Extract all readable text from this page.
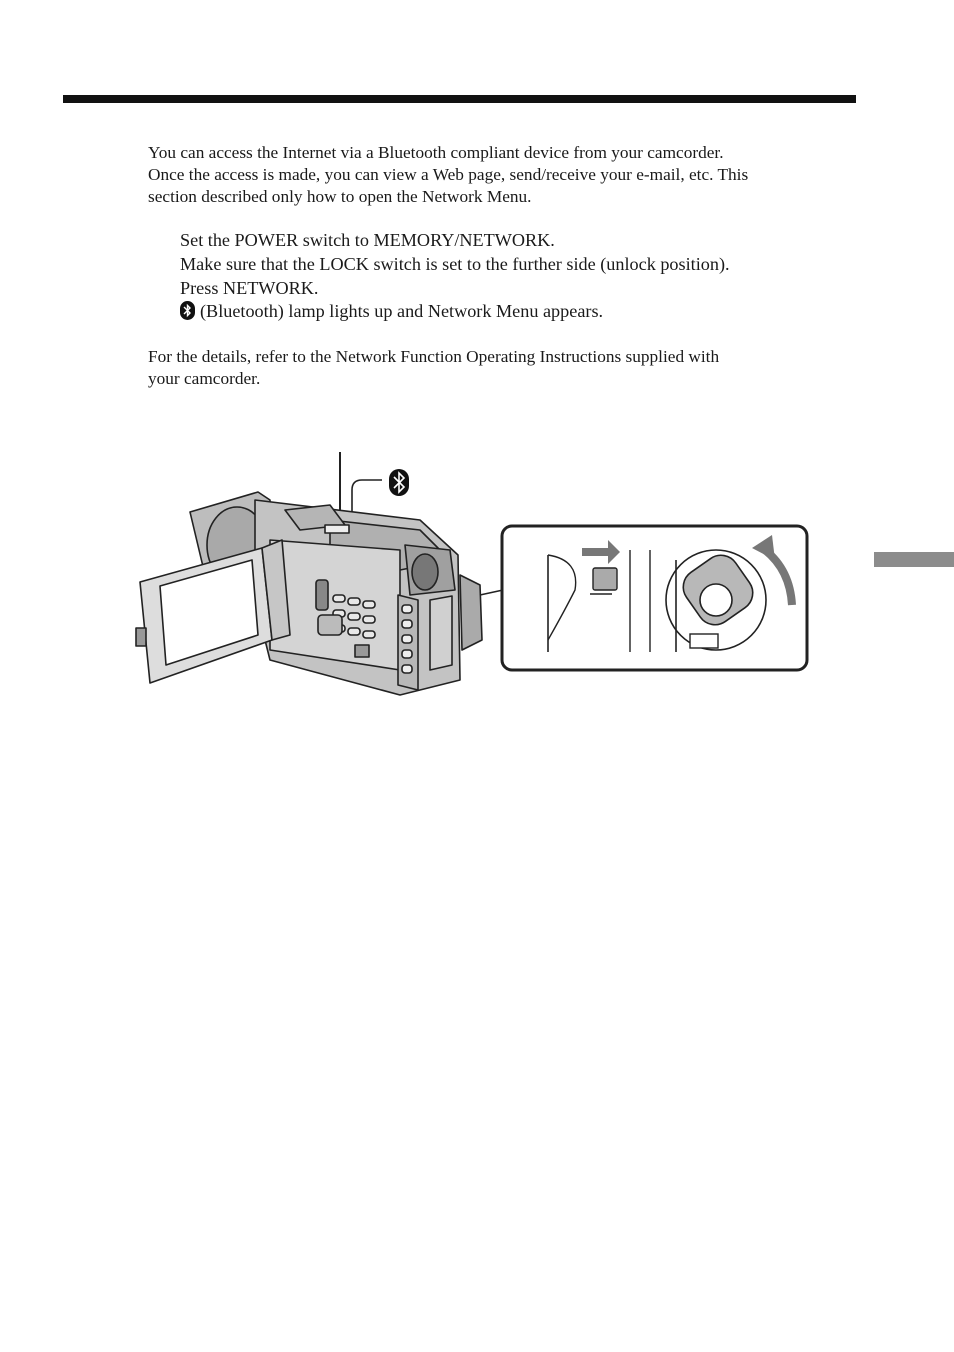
You can access the Internet via a Bluetooth compliant device from your camcorder.
Once the access is made, you can view a Web page, send/receive your e-mail, etc. This
section described only how to open the Network Menu.
Set the POWER switch to MEMORY/NETWORK.
Make sure that the LOCK switch is set to the further side (unlock position).
Press NETWORK.
(Bluetooth) lamp lights up and Network Menu appears.
For the details, refer to the Network Function Operating Instructions supplied with
your camcorder.
